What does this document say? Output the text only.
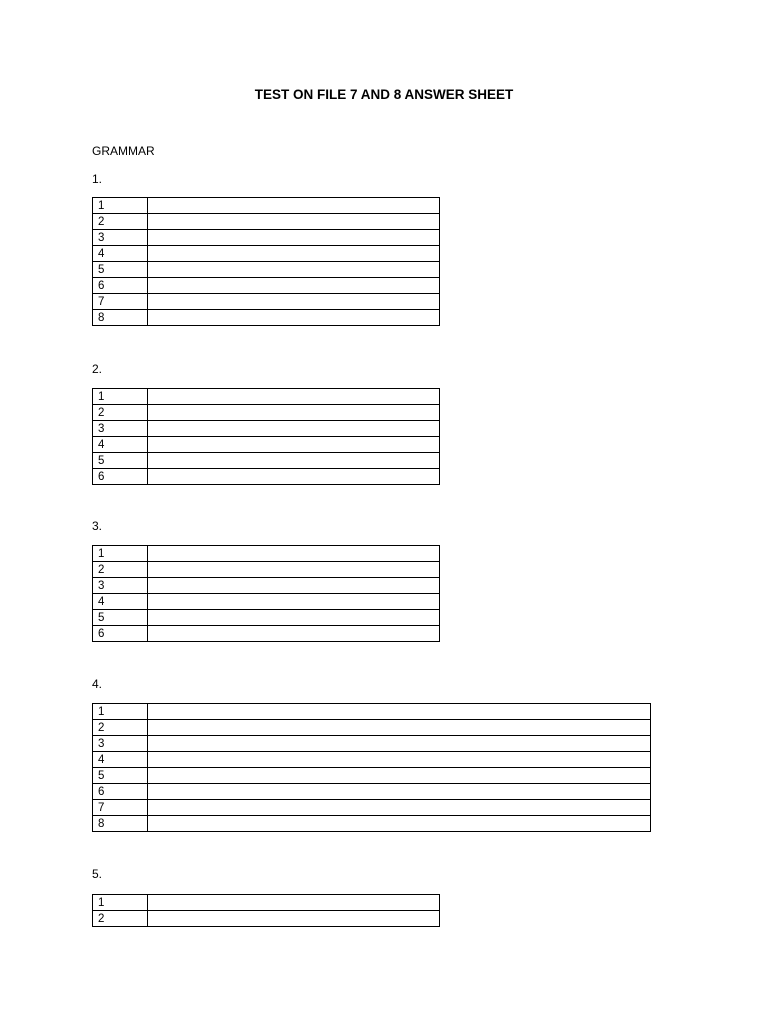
TEST ON FILE 7 AND 8 ANSWER SHEET
GRAMMAR
1.
1	
2	
3	
4	
5	
6	
7	
8	
2.
1	
2	
3	
4	
5	
6	
3.
1	
2	
3	
4	
5	
6	
4.
1	
2	
3	
4	
5	
6	
7	
8	
5.
1	
2	
